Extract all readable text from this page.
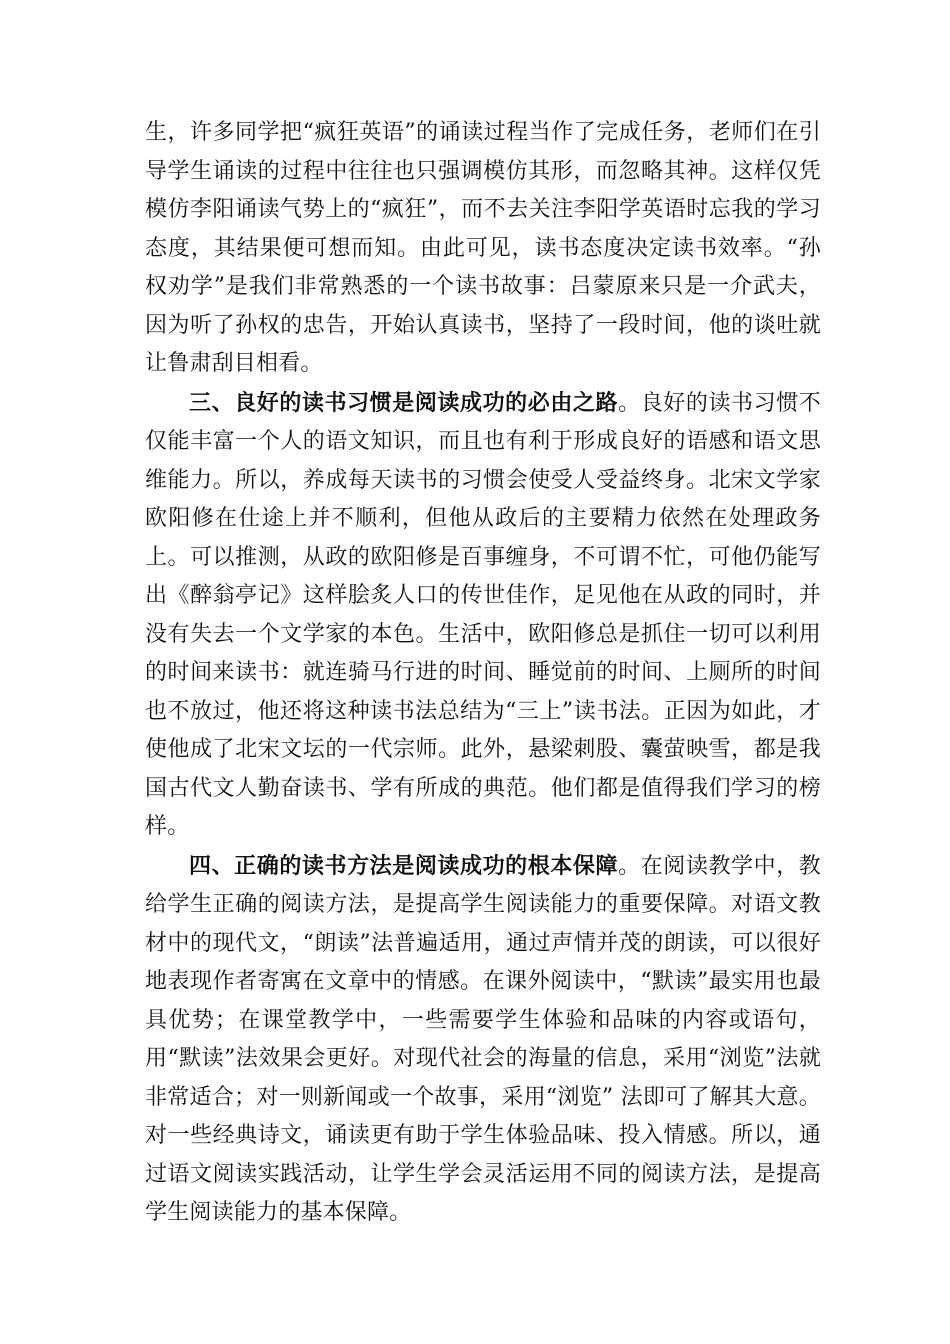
生，许多同学把“疯狂英语”的诵读过程当作了完成任务，老师们在引导学生诵读的过程中往往也只强调模仿其形，而忽略其神。这样仅凭模仿李阳诵读气势上的“疯狂”，而不去关注李阳学英语时忘我的学习态度，其结果便可想而知。由此可见，读书态度决定读书效率。“孙权劝学”是我们非常熟悉的一个读书故事：吕蒙原来只是一介武夫，因为听了孙权的忠告，开始认真读书，坚持了一段时间，他的谈吐就让鲁肃刮目相看。

三、良好的读书习惯是阅读成功的必由之路。良好的读书习惯不仅能丰富一个人的语文知识，而且也有利于形成良好的语感和语文思维能力。所以，养成每天读书的习惯会使受人受益终身。北宋文学家欧阳修在仕途上并不顺利，但他从政后的主要精力依然在处理政务上。可以推测，从政的欧阳修是百事缠身，不可谓不忙，可他仍能写出《醉翁亭记》这样脍炙人口的传世佳作，足见他在从政的同时，并没有失去一个文学家的本色。生活中，欧阳修总是抓住一切可以利用的时间来读书：就连骑马行进的时间、睡觉前的时间、上厕所的时间也不放过，他还将这种读书法总结为“三上”读书法。正因为如此，才使他成了北宋文坛的一代宗师。此外，悬梁刺股、囊萤映雪，都是我国古代文人勤奋读书、学有所成的典范。他们都是值得我们学习的榜样。

四、正确的读书方法是阅读成功的根本保障。在阅读教学中，教给学生正确的阅读方法，是提高学生阅读能力的重要保障。对语文教材中的现代文，“朗读”法普遍适用，通过声情并茂的朗读，可以很好地表现作者寄寓在文章中的情感。在课外阅读中，“默读”最实用也最具优势；在课堂教学中，一些需要学生体验和品味的内容或语句，用“默读”法效果会更好。对现代社会的海量的信息，采用“浏览”法就非常适合；对一则新闻或一个故事，采用“浏览” 法即可了解其大意。对一些经典诗文，诵读更有助于学生体验品味、投入情感。所以，通过语文阅读实践活动，让学生学会灵活运用不同的阅读方法，是提高学生阅读能力的基本保障。
